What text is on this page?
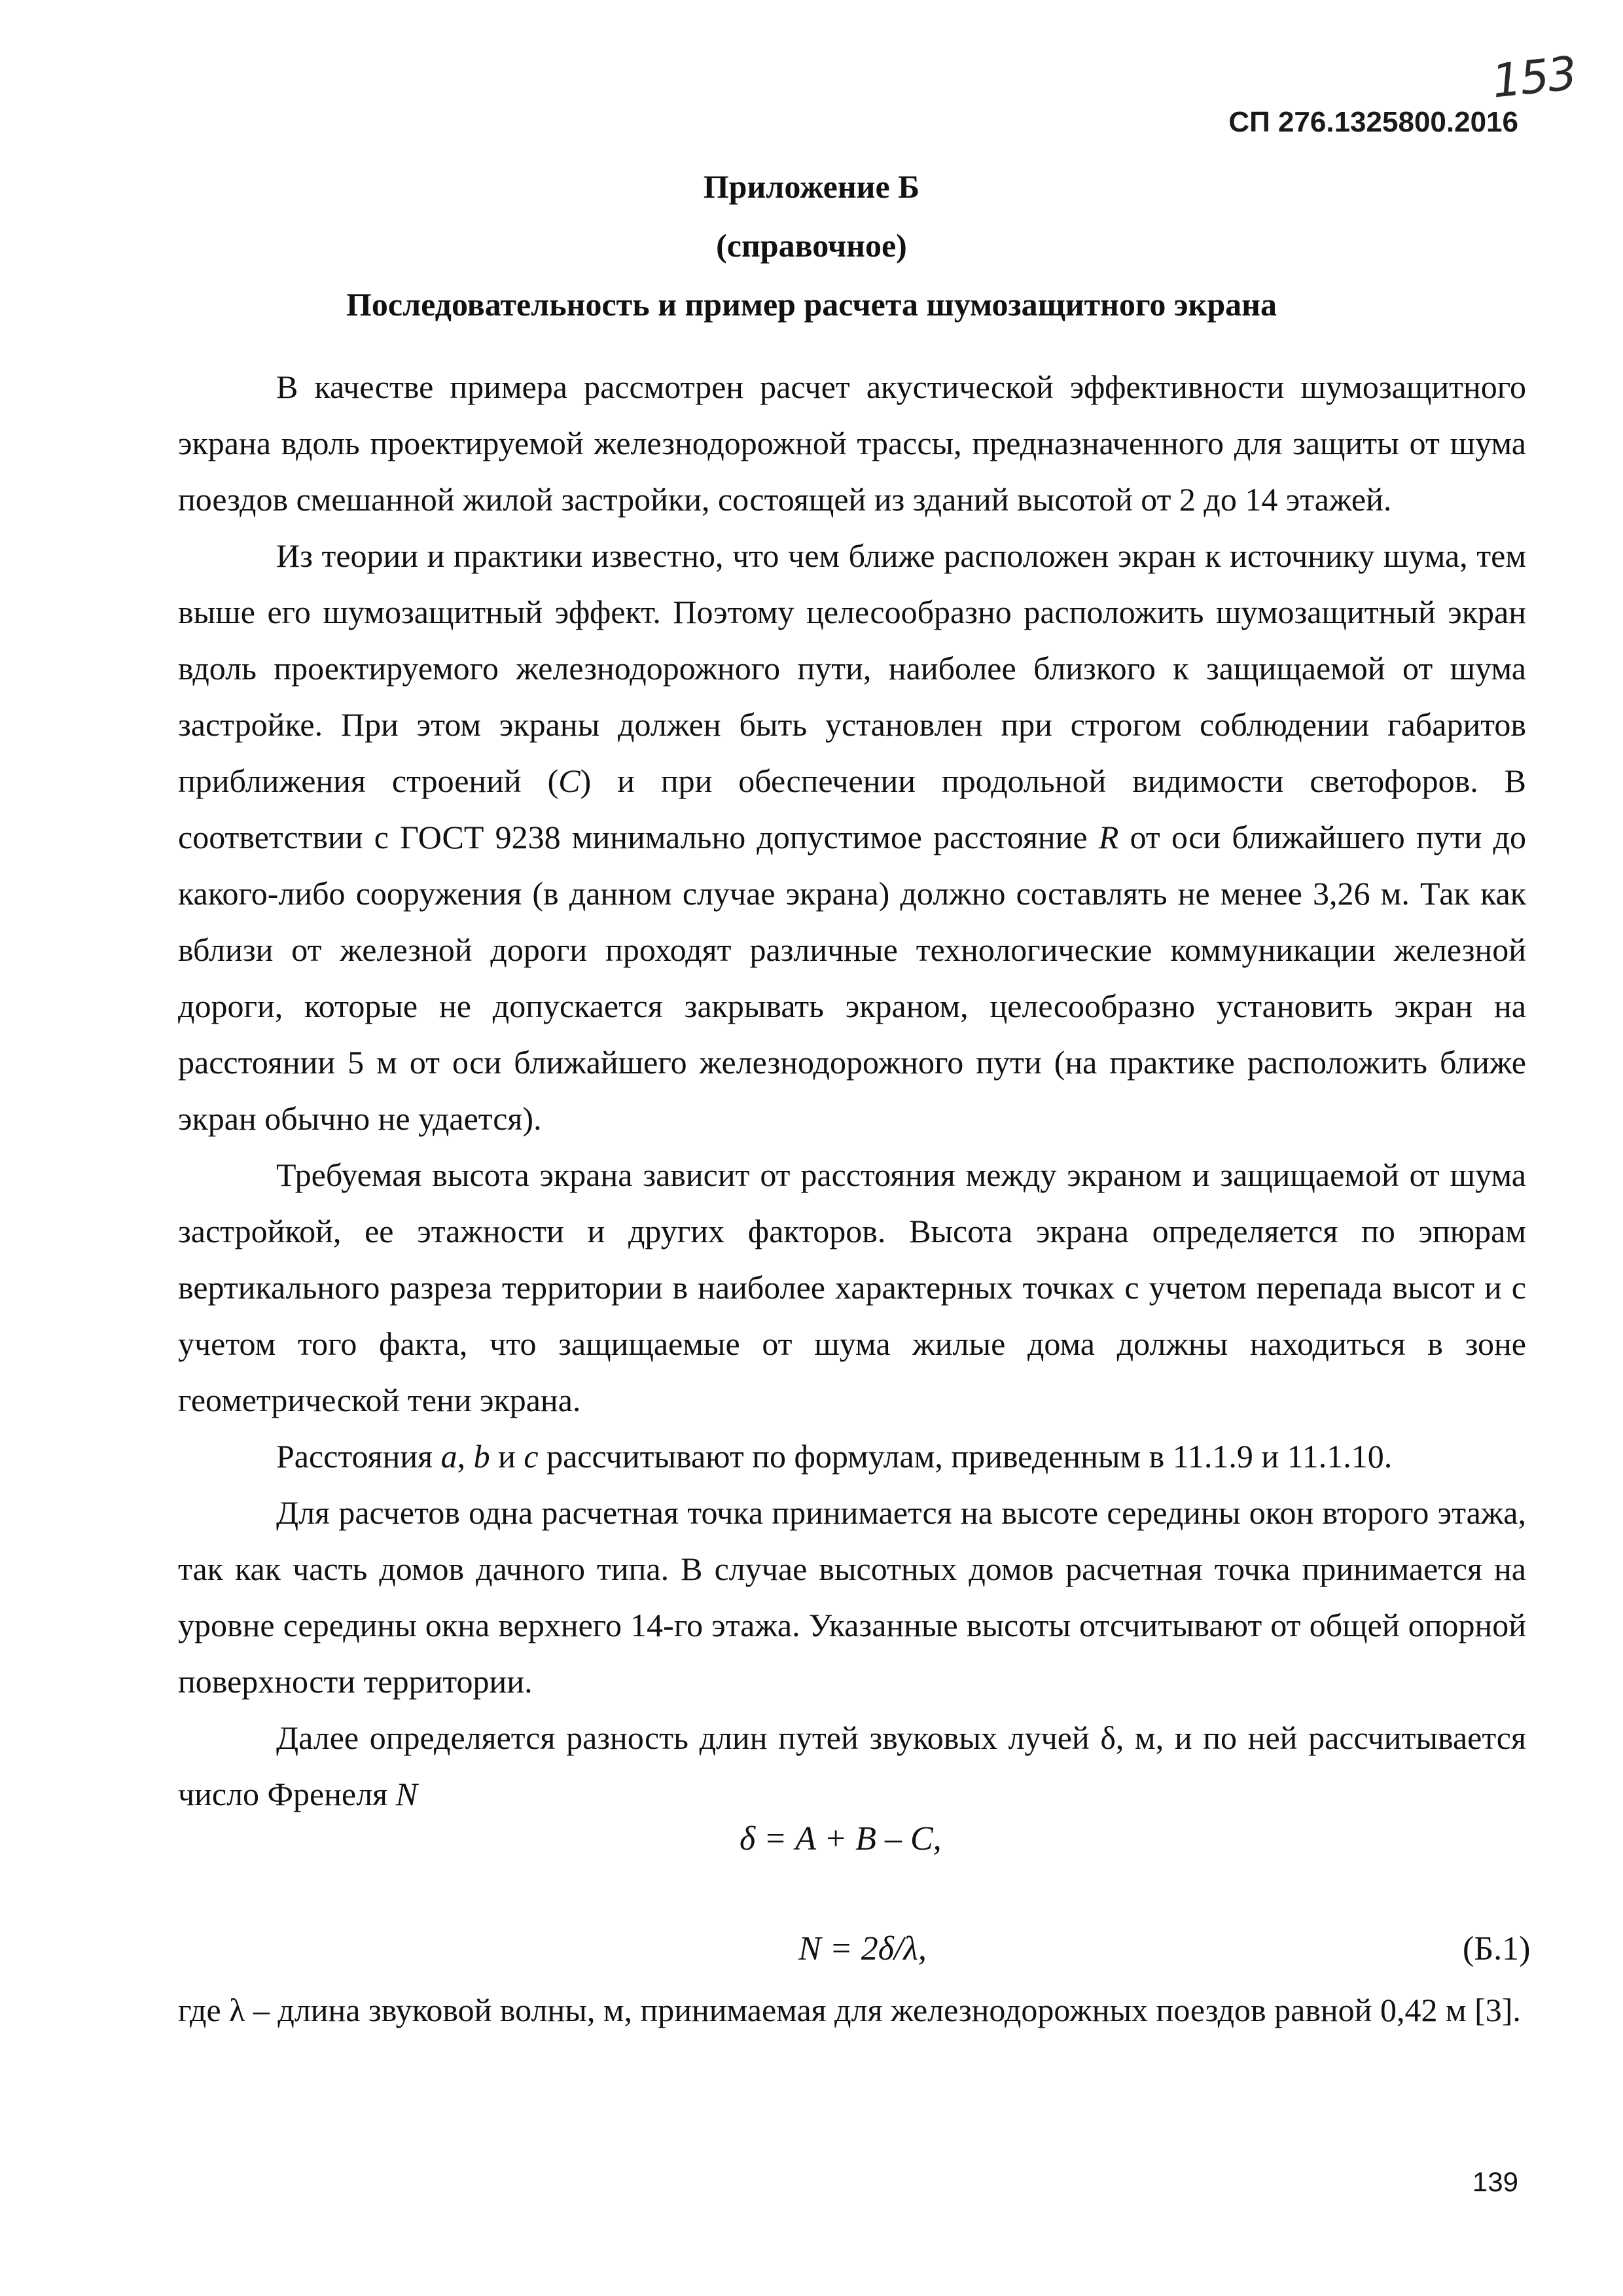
153
СП 276.1325800.2016
Приложение Б
(справочное)
Последовательность и пример расчета шумозащитного экрана

В качестве примера рассмотрен расчет акустической эффективности шумозащитного экрана вдоль проектируемой железнодорожной трассы, предназначенного для защиты от шума поездов смешанной жилой застройки, состоящей из зданий высотой от 2 до 14 этажей.

Из теории и практики известно, что чем ближе расположен экран к источнику шума, тем выше его шумозащитный эффект. Поэтому целесообразно расположить шумозащитный экран вдоль проектируемого железнодорожного пути, наиболее близкого к защищаемой от шума застройке. При этом экраны должен быть установлен при строгом соблюдении габаритов приближения строений (С) и при обеспечении продольной видимости светофоров. В соответствии с ГОСТ 9238 минимально допустимое расстояние R от оси ближайшего пути до какого-либо сооружения (в данном случае экрана) должно составлять не менее 3,26 м. Так как вблизи от железной дороги проходят различные технологические коммуникации железной дороги, которые не допускается закрывать экраном, целесообразно установить экран на расстоянии 5 м от оси ближайшего железнодорожного пути (на практике расположить ближе экран обычно не удается).

Требуемая высота экрана зависит от расстояния между экраном и защищаемой от шума застройкой, ее этажности и других факторов. Высота экрана определяется по эпюрам вертикального разреза территории в наиболее характерных точках с учетом перепада высот и с учетом того факта, что защищаемые от шума жилые дома должны находиться в зоне геометрической тени экрана.

Расстояния а, b и с рассчитывают по формулам, приведенным в 11.1.9 и 11.1.10.

Для расчетов одна расчетная точка принимается на высоте середины окон второго этажа, так как часть домов дачного типа. В случае высотных домов расчетная точка принимается на уровне середины окна верхнего 14-го этажа. Указанные высоты отсчитывают от общей опорной поверхности территории.

Далее определяется разность длин путей звуковых лучей δ, м, и по ней рассчитывается число Френеля N

δ = A + B – C,
N = 2δ/λ,	(Б.1)

где λ – длина звуковой волны, м, принимаемая для железнодорожных поездов равной 0,42 м [3].

139
